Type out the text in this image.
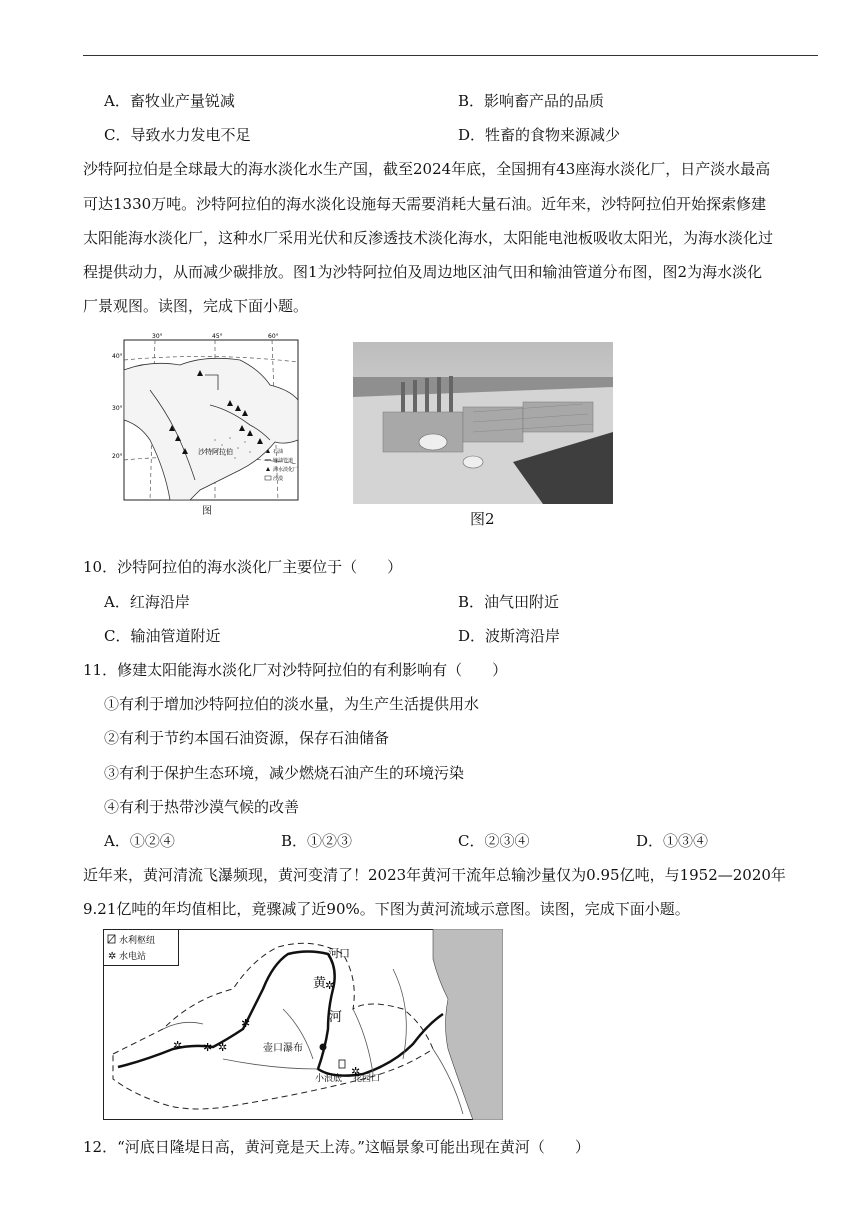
A．畜牧业产量锐减	B．影响畜产品的品质
C．导致水力发电不足	D．牲畜的食物来源减少
沙特阿拉伯是全球最大的海水淡化水生产国，截至2024年底，全国拥有43座海水淡化厂，日产淡水最高
可达1330万吨。沙特阿拉伯的海水淡化设施每天需要消耗大量石油。近年来，沙特阿拉伯开始探索修建
太阳能海水淡化厂，这种水厂采用光伏和反渗透技术淡化海水，太阳能电池板吸收太阳光，为海水淡化过
程提供动力，从而减少碳排放。图1为沙特阿拉伯及周边地区油气田和输油管道分布图，图2为海水淡化
厂景观图。读图，完成下面小题。
30°	45°	60°
40°
30°
20°
沙特阿拉伯	石油
输油管道
海水淡化厂
沙漠
图	图2
10．沙特阿拉伯的海水淡化厂主要位于（　　）
A．红海沿岸	B．油气田附近
C．输油管道附近	D．波斯湾沿岸
11．修建太阳能海水淡化厂对沙特阿拉伯的有利影响有（　　）
①有利于增加沙特阿拉伯的淡水量，为生产生活提供用水
②有利于节约本国石油资源，保存石油储备
③有利于保护生态环境，减少燃烧石油产生的环境污染
④有利于热带沙漠气候的改善
A．①②④	B．①②③	C．②③④	D．①③④
近年来，黄河清流飞瀑频现，黄河变清了！2023年黄河干流年总输沙量仅为0.95亿吨，与1952—2020年
9.21亿吨的年均值相比，竟骤减了近90%。下图为黄河流域示意图。读图，完成下面小题。
水利枢纽
✲ 水电站
✲
✲ ✲ ✲
✲
✲
河口
黄
河
壶口瀑布
小浪底 花园口
12．“河底日隆堤日高，黄河竟是天上涛。”这幅景象可能出现在黄河（　　）
